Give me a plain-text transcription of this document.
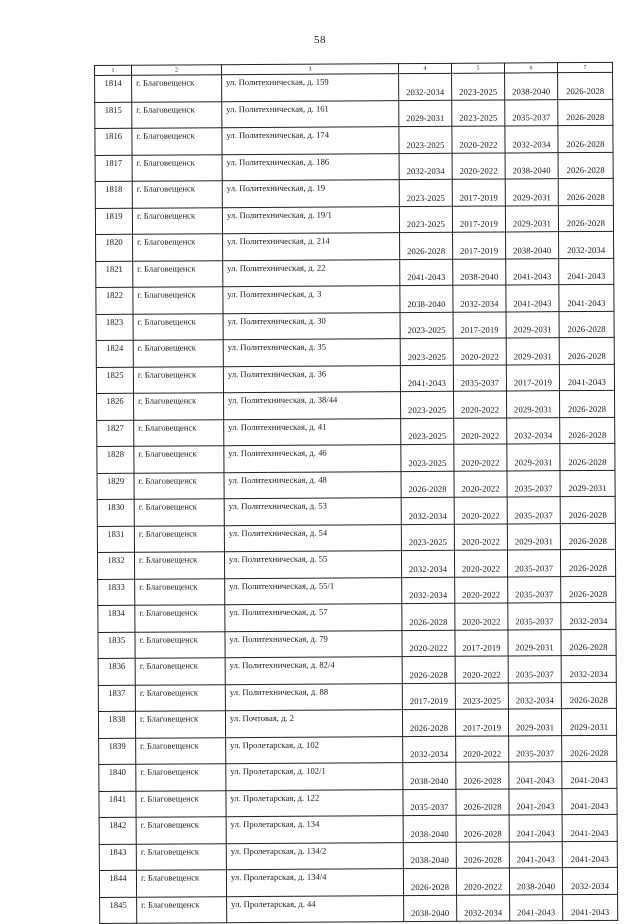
58
1	2	3	4	5	6	7
1814	г. Благовещенск	ул. Политехническая, д. 159	2032-2034	2023-2025	2038-2040	2026-2028
1815	г. Благовещенск	ул. Политехническая, д. 161	2029-2031	2023-2025	2035-2037	2026-2028
1816	г. Благовещенск	ул. Политехническая, д. 174	2023-2025	2020-2022	2032-2034	2026-2028
1817	г. Благовещенск	ул. Политехническая, д. 186	2032-2034	2020-2022	2038-2040	2026-2028
1818	г. Благовещенск	ул. Политехническая, д. 19	2023-2025	2017-2019	2029-2031	2026-2028
1819	г. Благовещенск	ул. Политехническая, д. 19/1	2023-2025	2017-2019	2029-2031	2026-2028
1820	г. Благовещенск	ул. Политехническая, д. 214	2026-2028	2017-2019	2038-2040	2032-2034
1821	г. Благовещенск	ул. Политехническая, д. 22	2041-2043	2038-2040	2041-2043	2041-2043
1822	г. Благовещенск	ул. Политехническая, д. 3	2038-2040	2032-2034	2041-2043	2041-2043
1823	г. Благовещенск	ул. Политехническая, д. 30	2023-2025	2017-2019	2029-2031	2026-2028
1824	г. Благовещенск	ул. Политехническая, д. 35	2023-2025	2020-2022	2029-2031	2026-2028
1825	г. Благовещенск	ул. Политехническая, д. 36	2041-2043	2035-2037	2017-2019	2041-2043
1826	г. Благовещенск	ул. Политехническая, д. 38/44	2023-2025	2020-2022	2029-2031	2026-2028
1827	г. Благовещенск	ул. Политехническая, д. 41	2023-2025	2020-2022	2032-2034	2026-2028
1828	г. Благовещенск	ул. Политехническая, д. 46	2023-2025	2020-2022	2029-2031	2026-2028
1829	г. Благовещенск	ул. Политехническая, д. 48	2026-2028	2020-2022	2035-2037	2029-2031
1830	г. Благовещенск	ул. Политехническая, д. 53	2032-2034	2020-2022	2035-2037	2026-2028
1831	г. Благовещенск	ул. Политехническая, д. 54	2023-2025	2020-2022	2029-2031	2026-2028
1832	г. Благовещенск	ул. Политехническая, д. 55	2032-2034	2020-2022	2035-2037	2026-2028
1833	г. Благовещенск	ул. Политехническая, д. 55/1	2032-2034	2020-2022	2035-2037	2026-2028
1834	г. Благовещенск	ул. Политехническая, д. 57	2026-2028	2020-2022	2035-2037	2032-2034
1835	г. Благовещенск	ул. Политехническая, д. 79	2020-2022	2017-2019	2029-2031	2026-2028
1836	г. Благовещенск	ул. Политехническая, д. 82/4	2026-2028	2020-2022	2035-2037	2032-2034
1837	г. Благовещенск	ул. Политехническая, д. 88	2017-2019	2023-2025	2032-2034	2026-2028
1838	г. Благовещенск	ул. Почтовая, д. 2	2026-2028	2017-2019	2029-2031	2029-2031
1839	г. Благовещенск	ул. Пролетарская, д. 102	2032-2034	2020-2022	2035-2037	2026-2028
1840	г. Благовещенск	ул. Пролетарская, д. 102/1	2038-2040	2026-2028	2041-2043	2041-2043
1841	г. Благовещенск	ул. Пролетарская, д. 122	2035-2037	2026-2028	2041-2043	2041-2043
1842	г. Благовещенск	ул. Пролетарская, д. 134	2038-2040	2026-2028	2041-2043	2041-2043
1843	г. Благовещенск	ул. Пролетарская, д. 134/2	2038-2040	2026-2028	2041-2043	2041-2043
1844	г. Благовещенск	ул. Пролетарская, д. 134/4	2026-2028	2020-2022	2038-2040	2032-2034
1845	г. Благовещенск	ул. Пролетарская, д. 44	2038-2040	2032-2034	2041-2043	2041-2043
